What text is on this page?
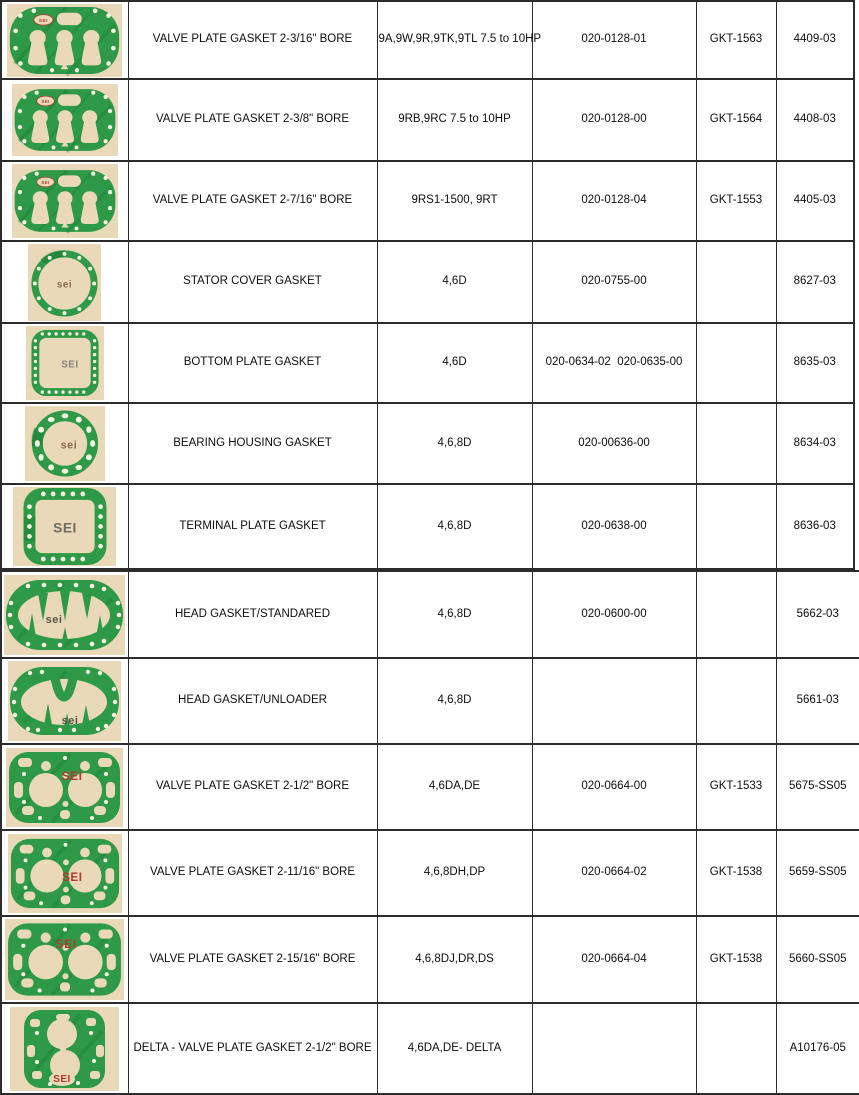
SEI	VALVE PLATE GASKET 2-3/16" BORE	9A,9W,9R,9TK,9TL 7.5 to 10HP	020-0128-01	GKT-1563	4409-03

SEI	VALVE PLATE GASKET 2-3/8" BORE	9RB,9RC 7.5 to 10HP	020-0128-00	GKT-1564	4408-03

SEI	VALVE PLATE GASKET 2-7/16" BORE	9RS1-1500, 9RT	020-0128-04	GKT-1553	4405-03

sei	STATOR COVER GASKET	4,6D	020-0755-00		8627-03

SEI	BOTTOM PLATE GASKET	4,6D	020-0634-02  020-0635-00		8635-03

sei	BEARING HOUSING GASKET	4,6,8D	020-00636-00		8634-03

SEI	TERMINAL PLATE GASKET	4,6,8D	020-0638-00		8636-03
sei	HEAD GASKET/STANDARED	4,6,8D	020-0600-00		5662-03

sei	HEAD GASKET/UNLOADER	4,6,8D			5661-03

SEI	VALVE PLATE GASKET 2-1/2" BORE	4,6DA,DE	020-0664-00	GKT-1533	5675-SS05

SEI	VALVE PLATE GASKET 2-11/16" BORE	4,6,8DH,DP	020-0664-02	GKT-1538	5659-SS05

SEI	VALVE PLATE GASKET 2-15/16" BORE	4,6,8DJ,DR,DS	020-0664-04	GKT-1538	5660-SS05

SEI	DELTA - VALVE PLATE GASKET 2-1/2" BORE	4,6DA,DE- DELTA			A10176-05
